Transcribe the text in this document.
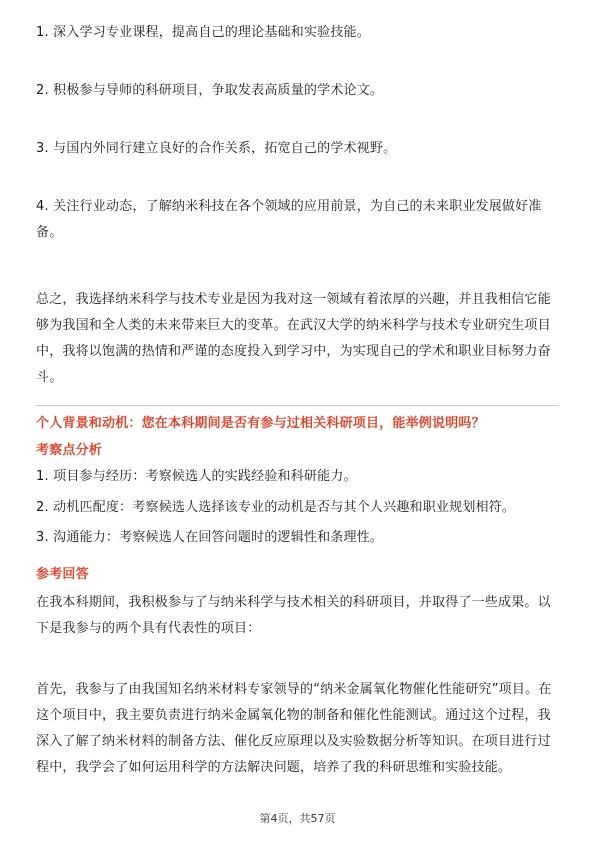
1. 深入学习专业课程，提高自己的理论基础和实验技能。

2. 积极参与导师的科研项目，争取发表高质量的学术论文。

3. 与国内外同行建立良好的合作关系，拓宽自己的学术视野。

4. 关注行业动态，了解纳米科技在各个领域的应用前景，为自己的未来职业发展做好准备。

总之，我选择纳米科学与技术专业是因为我对这一领域有着浓厚的兴趣，并且我相信它能够为我国和全人类的未来带来巨大的变革。在武汉大学的纳米科学与技术专业研究生项目中，我将以饱满的热情和严谨的态度投入到学习中，为实现自己的学术和职业目标努力奋斗。

个人背景和动机：您在本科期间是否有参与过相关科研项目，能举例说明吗？

考察点分析

1. 项目参与经历：考察候选人的实践经验和科研能力。

2. 动机匹配度：考察候选人选择该专业的动机是否与其个人兴趣和职业规划相符。

3. 沟通能力：考察候选人在回答问题时的逻辑性和条理性。

参考回答

在我本科期间，我积极参与了与纳米科学与技术相关的科研项目，并取得了一些成果。以下是我参与的两个具有代表性的项目：

首先，我参与了由我国知名纳米材料专家领导的“纳米金属氧化物催化性能研究”项目。在这个项目中，我主要负责进行纳米金属氧化物的制备和催化性能测试。通过这个过程，我深入了解了纳米材料的制备方法、催化反应原理以及实验数据分析等知识。在项目进行过程中，我学会了如何运用科学的方法解决问题，培养了我的科研思维和实验技能。

第4页，共57页
